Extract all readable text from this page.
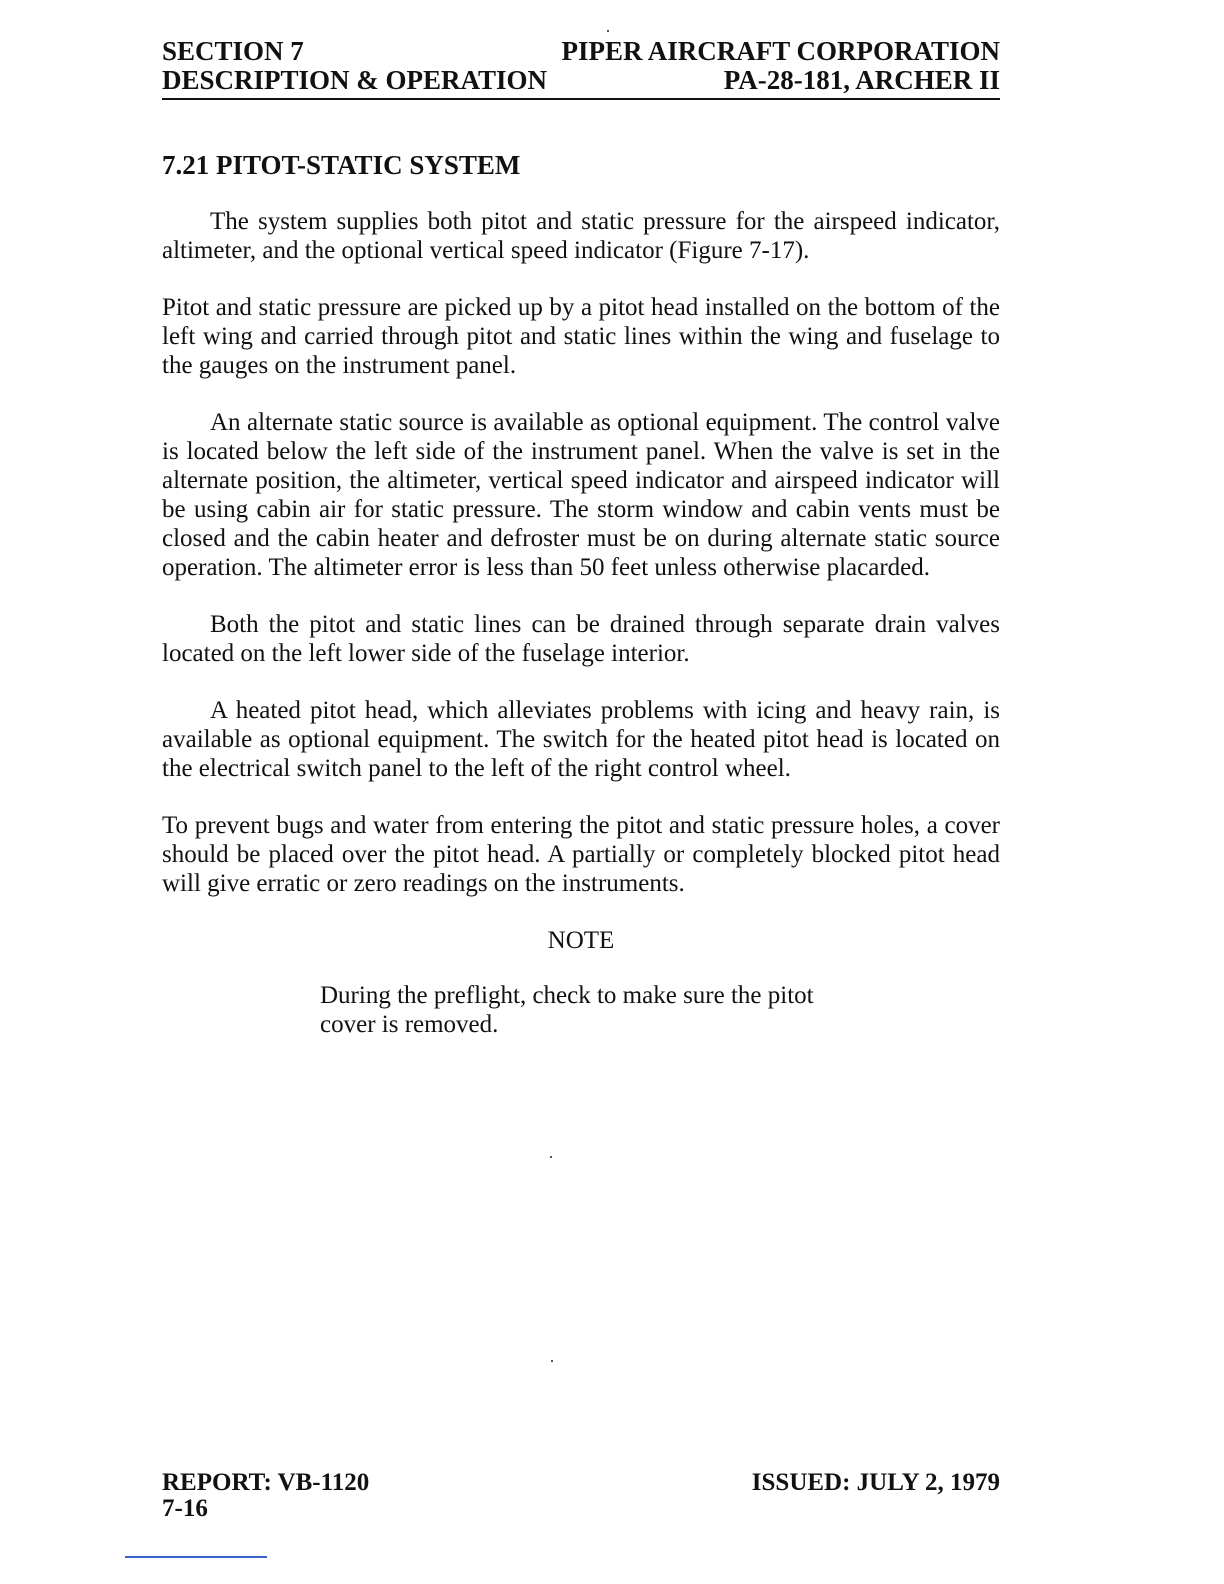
SECTION 7	PIPER AIRCRAFT CORPORATION
DESCRIPTION & OPERATION	PA-28-181, ARCHER II
7.21 PITOT-STATIC SYSTEM

The system supplies both pitot and static pressure for the airspeed indicator, altimeter, and the optional vertical speed indicator (Figure 7-17).

Pitot and static pressure are picked up by a pitot head installed on the bottom of the left wing and carried through pitot and static lines within the wing and fuselage to the gauges on the instrument panel.

An alternate static source is available as optional equipment. The control valve is located below the left side of the instrument panel. When the valve is set in the alternate position, the altimeter, vertical speed indicator and airspeed indicator will be using cabin air for static pressure. The storm window and cabin vents must be closed and the cabin heater and defroster must be on during alternate static source operation. The altimeter error is less than 50 feet unless otherwise placarded.

Both the pitot and static lines can be drained through separate drain valves located on the left lower side of the fuselage interior.

A heated pitot head, which alleviates problems with icing and heavy rain, is available as optional equipment. The switch for the heated pitot head is located on the electrical switch panel to the left of the right control wheel.

To prevent bugs and water from entering the pitot and static pressure holes, a cover should be placed over the pitot head. A partially or completely blocked pitot head will give erratic or zero readings on the instruments.

NOTE
During the preflight, check to make sure the pitot cover is removed.
REPORT: VB-1120
7-16
ISSUED: JULY 2, 1979
